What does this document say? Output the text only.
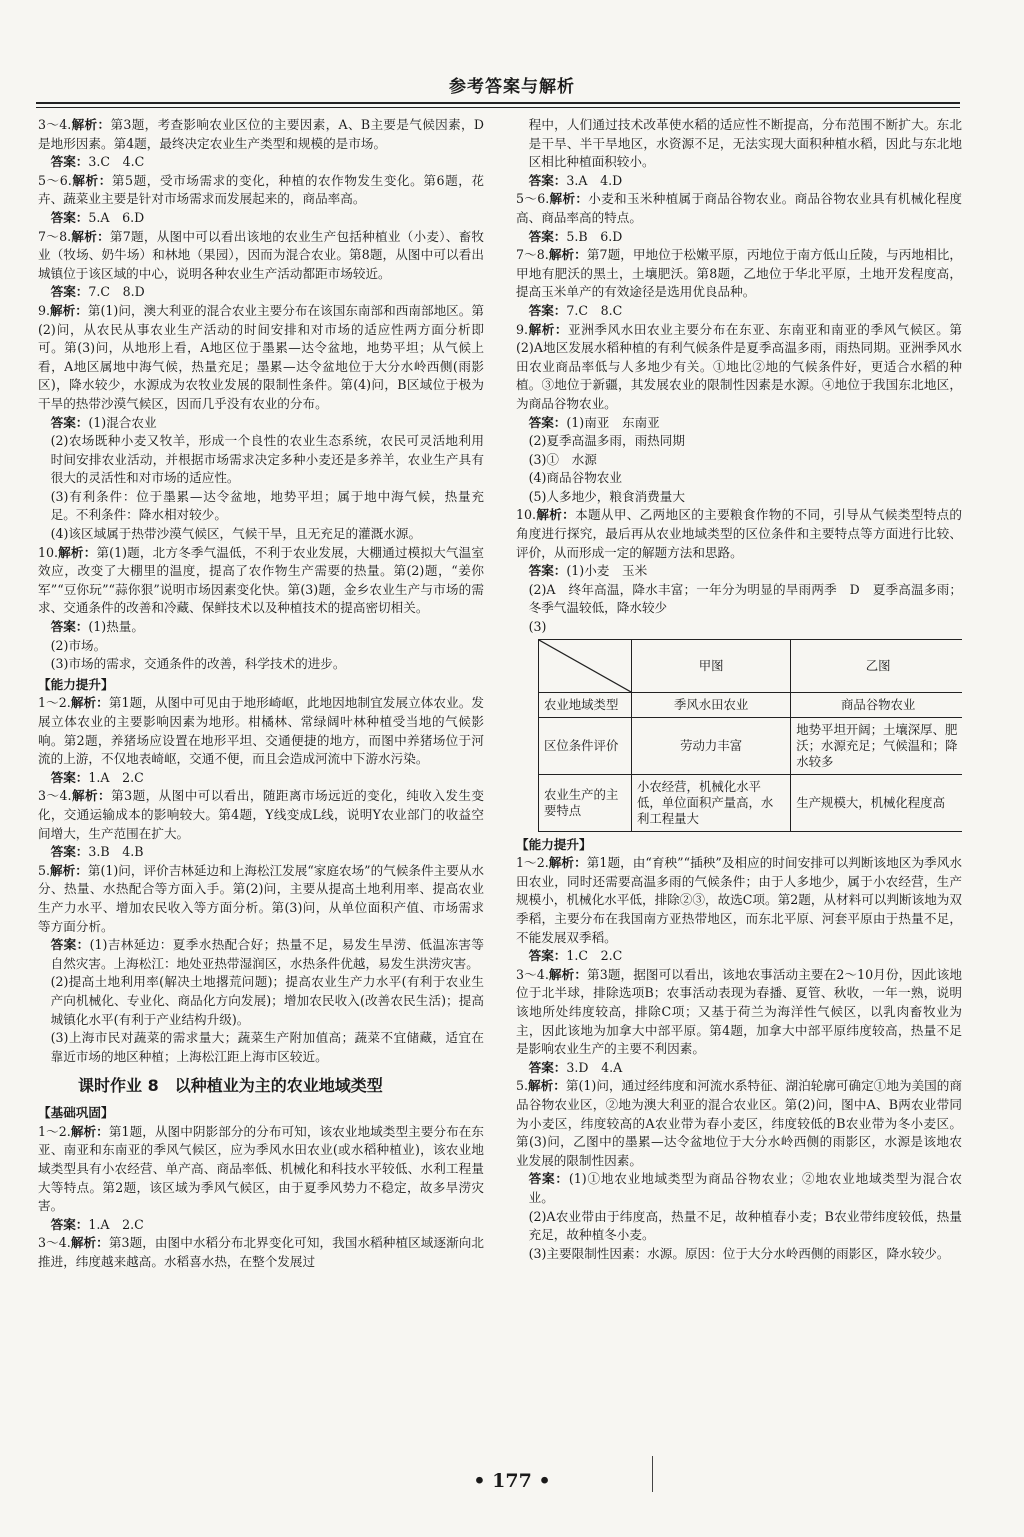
参考答案与解析

3～4.解析：第3题，考查影响农业区位的主要因素，A、B主要是气候因素，D是地形因素。第4题，最终决定农业生产类型和规模的是市场。

答案：3.C　4.C

5～6.解析：第5题，受市场需求的变化，种植的农作物发生变化。第6题，花卉、蔬菜业主要是针对市场需求而发展起来的，商品率高。

答案：5.A　6.D

7～8.解析：第7题，从图中可以看出该地的农业生产包括种植业（小麦）、畜牧业（牧场、奶牛场）和林地（果园），因而为混合农业。第8题，从图中可以看出城镇位于该区域的中心，说明各种农业生产活动都距市场较近。

答案：7.C　8.D

9.解析：第(1)问，澳大利亚的混合农业主要分布在该国东南部和西南部地区。第(2)问，从农民从事农业生产活动的时间安排和对市场的适应性两方面分析即可。第(3)问，从地形上看，A地区位于墨累—达令盆地，地势平坦；从气候上看，A地区属地中海气候，热量充足；墨累—达令盆地位于大分水岭西侧(雨影区)，降水较少，水源成为农牧业发展的限制性条件。第(4)问，B区域位于极为干旱的热带沙漠气候区，因而几乎没有农业的分布。

答案：(1)混合农业

(2)农场既种小麦又牧羊，形成一个良性的农业生态系统，农民可灵活地利用时间安排农业活动，并根据市场需求决定多种小麦还是多养羊，农业生产具有很大的灵活性和对市场的适应性。

(3)有利条件：位于墨累—达令盆地，地势平坦；属于地中海气候，热量充足。不利条件：降水相对较少。

(4)该区域属于热带沙漠气候区，气候干旱，且无充足的灌溉水源。

10.解析：第(1)题，北方冬季气温低，不利于农业发展，大棚通过模拟大气温室效应，改变了大棚里的温度，提高了农作物生产需要的热量。第(2)题，“姜你军”“豆你玩”“蒜你狠”说明市场因素变化快。第(3)题，金乡农业生产与市场的需求、交通条件的改善和冷藏、保鲜技术以及种植技术的提高密切相关。

答案：(1)热量。

(2)市场。

(3)市场的需求，交通条件的改善，科学技术的进步。

【能力提升】

1～2.解析：第1题，从图中可见由于地形崎岖，此地因地制宜发展立体农业。发展立体农业的主要影响因素为地形。柑橘林、常绿阔叶林种植受当地的气候影响。第2题，养猪场应设置在地形平坦、交通便捷的地方，而图中养猪场位于河流的上游，不仅地表崎岖，交通不便，而且会造成河流中下游水污染。

答案：1.A　2.C

3～4.解析：第3题，从图中可以看出，随距离市场远近的变化，纯收入发生变化，交通运输成本的影响较大。第4题，Y线变成L线，说明Y农业部门的收益空间增大，生产范围在扩大。

答案：3.B　4.B

5.解析：第(1)问，评价吉林延边和上海松江发展“家庭农场”的气候条件主要从水分、热量、水热配合等方面入手。第(2)问，主要从提高土地利用率、提高农业生产力水平、增加农民收入等方面分析。第(3)问，从单位面积产值、市场需求等方面分析。

答案：(1)吉林延边：夏季水热配合好；热量不足，易发生旱涝、低温冻害等自然灾害。上海松江：地处亚热带湿润区，水热条件优越，易发生洪涝灾害。

(2)提高土地利用率(解决土地撂荒问题)；提高农业生产力水平(有利于农业生产向机械化、专业化、商品化方向发展)；增加农民收入(改善农民生活)；提高城镇化水平(有利于产业结构升级)。

(3)上海市民对蔬菜的需求量大；蔬菜生产附加值高；蔬菜不宜储藏，适宜在靠近市场的地区种植；上海松江距上海市区较近。

课时作业 8　以种植业为主的农业地域类型

【基础巩固】

1～2.解析：第1题，从图中阴影部分的分布可知，该农业地域类型主要分布在东亚、南亚和东南亚的季风气候区，应为季风水田农业(或水稻种植业)，该农业地域类型具有小农经营、单产高、商品率低、机械化和科技水平较低、水利工程量大等特点。第2题，该区域为季风气候区，由于夏季风势力不稳定，故多旱涝灾害。

答案：1.A　2.C

3～4.解析：第3题，由图中水稻分布北界变化可知，我国水稻种植区域逐渐向北推进，纬度越来越高。水稻喜水热，在整个发展过

程中，人们通过技术改革使水稻的适应性不断提高，分布范围不断扩大。东北是干旱、半干旱地区，水资源不足，无法实现大面积种植水稻，因此与东北地区相比种植面积较小。

答案：3.A　4.D

5～6.解析：小麦和玉米种植属于商品谷物农业。商品谷物农业具有机械化程度高、商品率高的特点。

答案：5.B　6.D

7～8.解析：第7题，甲地位于松嫩平原，丙地位于南方低山丘陵，与丙地相比，甲地有肥沃的黑土，土壤肥沃。第8题，乙地位于华北平原，土地开发程度高，提高玉米单产的有效途径是选用优良品种。

答案：7.C　8.C

9.解析：亚洲季风水田农业主要分布在东亚、东南亚和南亚的季风气候区。第(2)A地区发展水稻种植的有利气候条件是夏季高温多雨，雨热同期。亚洲季风水田农业商品率低与人多地少有关。①地比②地的气候条件好，更适合水稻的种植。③地位于新疆，其发展农业的限制性因素是水源。④地位于我国东北地区，为商品谷物农业。

答案：(1)南亚　东南亚

(2)夏季高温多雨，雨热同期

(3)①　水源

(4)商品谷物农业

(5)人多地少，粮食消费量大

10.解析：本题从甲、乙两地区的主要粮食作物的不同，引导从气候类型特点的角度进行探究，最后再从农业地域类型的区位条件和主要特点等方面进行比较、评价，从而形成一定的解题方法和思路。

答案：(1)小麦　玉米

(2)A　终年高温，降水丰富；一年分为明显的旱雨两季　D　夏季高温多雨；冬季气温较低，降水较少

(3)

	甲图	乙图
农业地域类型	季风水田农业	商品谷物农业
区位条件评价	劳动力丰富	地势平坦开阔；土壤深厚、肥沃；水源充足；气候温和；降水较多
农业生产的主要特点	小农经营，机械化水平低，单位面积产量高，水利工程量大	生产规模大，机械化程度高

【能力提升】

1～2.解析：第1题，由“育秧”“插秧”及相应的时间安排可以判断该地区为季风水田农业，同时还需要高温多雨的气候条件；由于人多地少，属于小农经营，生产规模小，机械化水平低，排除②③，故选C项。第2题，从材料可以判断该地为双季稻，主要分布在我国南方亚热带地区，而东北平原、河套平原由于热量不足，不能发展双季稻。

答案：1.C　2.C

3～4.解析：第3题，据图可以看出，该地农事活动主要在2～10月份，因此该地位于北半球，排除选项B；农事活动表现为春播、夏管、秋收，一年一熟，说明该地所处纬度较高，排除C项；又基于荷兰为海洋性气候区，以乳肉畜牧业为主，因此该地为加拿大中部平原。第4题，加拿大中部平原纬度较高，热量不足是影响农业生产的主要不利因素。

答案：3.D　4.A

5.解析：第(1)问，通过经纬度和河流水系特征、湖泊轮廓可确定①地为美国的商品谷物农业区，②地为澳大利亚的混合农业区。第(2)问，图中A、B两农业带同为小麦区，纬度较高的A农业带为春小麦区，纬度较低的B农业带为冬小麦区。第(3)问，乙图中的墨累—达令盆地位于大分水岭西侧的雨影区，水源是该地农业发展的限制性因素。

答案：(1)①地农业地域类型为商品谷物农业；②地农业地域类型为混合农业。

(2)A农业带由于纬度高，热量不足，故种植春小麦；B农业带纬度较低，热量充足，故种植冬小麦。

(3)主要限制性因素：水源。原因：位于大分水岭西侧的雨影区，降水较少。

• 177 •
